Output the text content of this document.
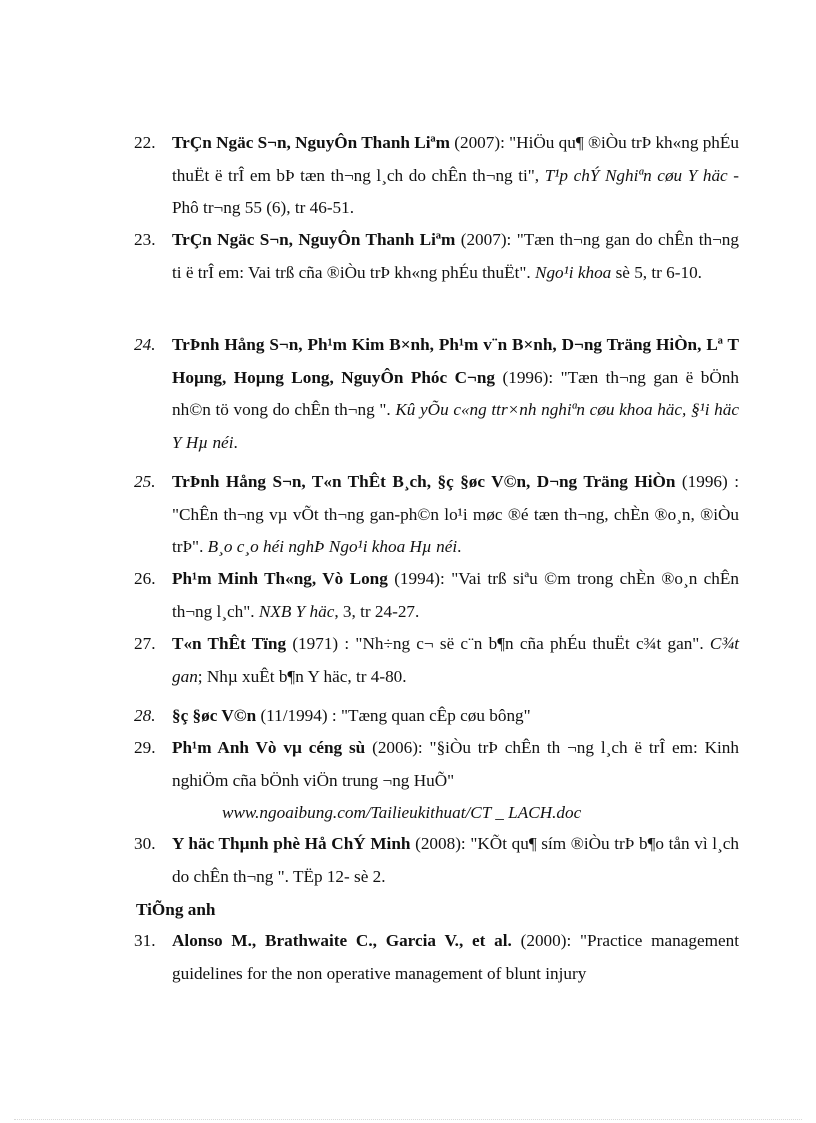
22. TrÇn Ngäc S¬n, NguyÔn Thanh Liªm (2007): "HiÖu qu¶ ®iÒu trÞ kh«ng phÉu thuËt ë trÎ em bÞ tæn th¬ng l¸ch do chÊn th¬ng ti", T¹p chÝ Nghiªn cøu Y häc - Phô tr¬ng 55 (6), tr 46-51.
23. TrÇn Ngäc S¬n, NguyÔn Thanh Liªm (2007): "Tæn th¬ng gan do chÊn th¬ng ti ë trÎ em: Vai trß cña ®iÒu trÞ kh«ng phÉu thuËt". Ngo¹i khoa sè 5, tr 6-10.
24. TrÞnh Hång S¬n, Ph¹m Kim B×nh, Ph¹m v¨n B×nh, D¬ng Träng HiÒn, Lª T Hoµng, Hoµng Long, NguyÔn Phóc C¬ng (1996): "Tæn th¬ng gan ë bÖnh nh©n tö vong do chÊn th¬ng ". Kû yÕu c«ng ttr×nh nghiªn cøu khoa häc, §¹i häc Y Hµ néi.
25. TrÞnh Hång S¬n, T«n ThÊt B¸ch, §ç §øc V©n, D¬ng Träng HiÒn (1996) : "ChÊn th¬ng vµ vÕt th¬ng gan-ph©n lo¹i møc ®é tæn th¬ng, chÈn ®o¸n, ®iÒu trÞ". B¸o c¸o héi nghÞ Ngo¹i khoa Hµ néi.
26. Ph¹m Minh Th«ng, Vò Long (1994): "Vai trß siªu ©m trong chÈn ®o¸n chÊn th¬ng l¸ch". NXB Y häc, 3, tr 24-27.
27. T«n ThÊt Tïng (1971) : "Nh÷ng c¬ së c¨n b¶n cña phÉu thuËt c¾t gan". C¾t gan; Nhµ xuÊt b¶n Y häc, tr 4-80.
28. §ç §øc V©n (11/1994) : "Tæng quan cÊp cøu bông"
29. Ph¹m Anh Vò vµ céng sù (2006): "§iÒu trÞ chÊn th ¬ng l¸ch ë trÎ em: Kinh nghiÖm cña bÖnh viÖn trung ¬ng HuÕ"
www.ngoaibung.com/Tailieukithuat/CT _ LACH.doc
30. Y häc Thµnh phè Hå ChÝ Minh (2008): "KÕt qu¶ sím ®iÒu trÞ b¶o tån vì l¸ch do chÊn th¬ng ". TËp 12- sè 2.
TiÕng anh
31. Alonso M., Brathwaite C., Garcia V., et al. (2000): "Practice management guidelines for the non operative management of blunt injury
